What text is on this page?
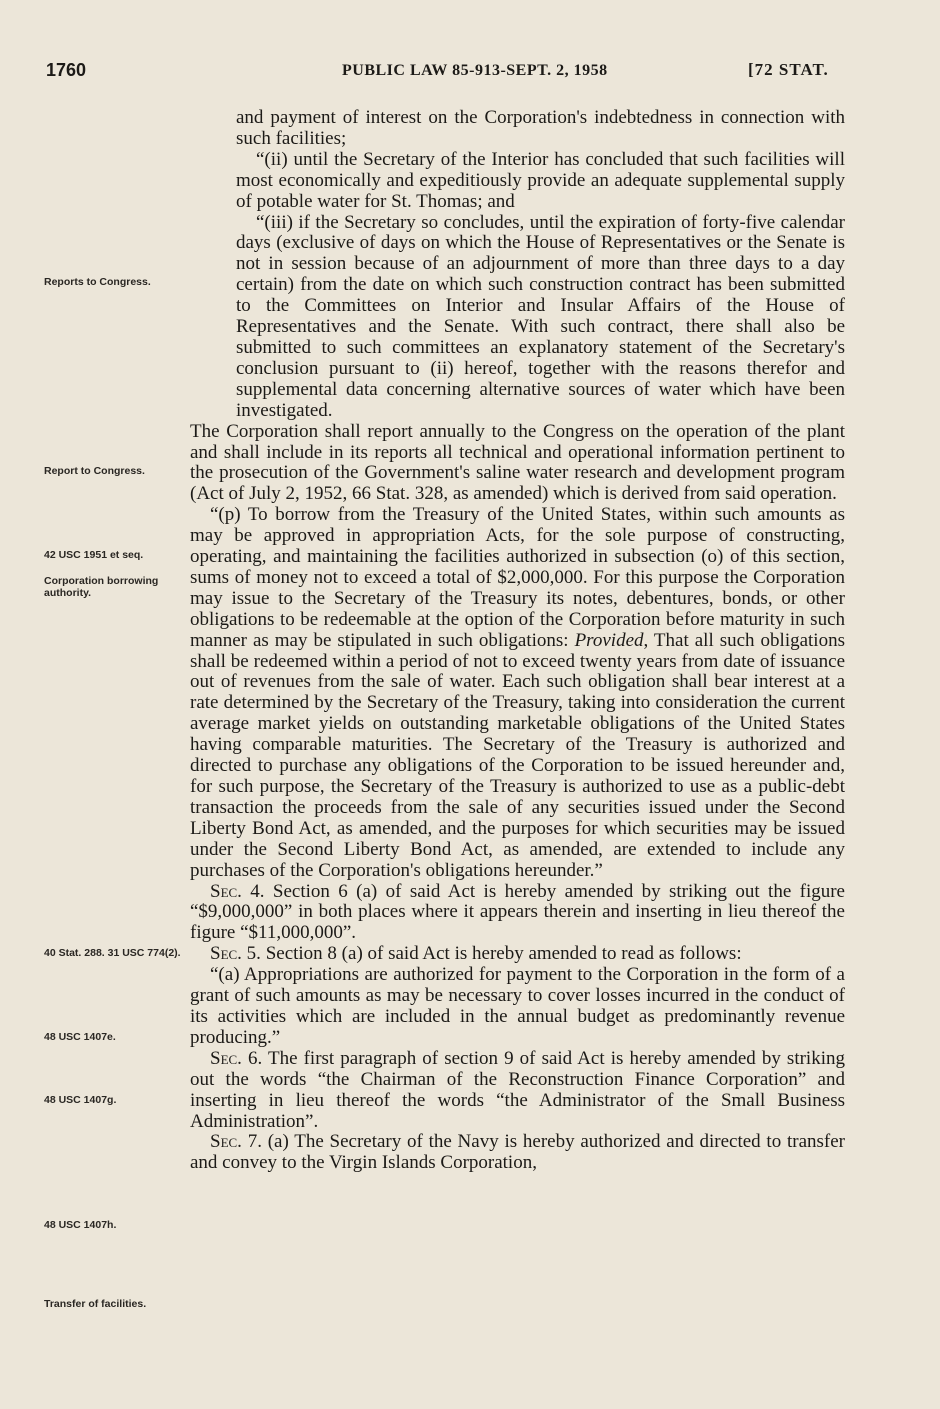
1760	PUBLIC LAW 85-913-SEPT. 2, 1958	[72 STAT.
Reports to Congress.
Report to Congress.
42 USC 1951 et seq.
Corporation borrowing authority.
40 Stat. 288. 31 USC 774(2).
48 USC 1407e.
48 USC 1407g.
48 USC 1407h.
Transfer of facilities.

and payment of interest on the Corporation's indebtedness in connection with such facilities;

“(ii) until the Secretary of the Interior has concluded that such facilities will most economically and expeditiously provide an adequate supplemental supply of potable water for St. Thomas; and

“(iii) if the Secretary so concludes, until the expiration of forty-five calendar days (exclusive of days on which the House of Representatives or the Senate is not in session because of an adjournment of more than three days to a day certain) from the date on which such construction contract has been submitted to the Committees on Interior and Insular Affairs of the House of Representatives and the Senate. With such contract, there shall also be submitted to such committees an explanatory statement of the Secretary's conclusion pursuant to (ii) hereof, together with the reasons therefor and supplemental data concerning alternative sources of water which have been investigated.

The Corporation shall report annually to the Congress on the operation of the plant and shall include in its reports all technical and operational information pertinent to the prosecution of the Government's saline water research and development program (Act of July 2, 1952, 66 Stat. 328, as amended) which is derived from said operation.

“(p) To borrow from the Treasury of the United States, within such amounts as may be approved in appropriation Acts, for the sole purpose of constructing, operating, and maintaining the facilities authorized in subsection (o) of this section, sums of money not to exceed a total of $2,000,000. For this purpose the Corporation may issue to the Secretary of the Treasury its notes, debentures, bonds, or other obligations to be redeemable at the option of the Corporation before maturity in such manner as may be stipulated in such obligations: Provided, That all such obligations shall be redeemed within a period of not to exceed twenty years from date of issuance out of revenues from the sale of water. Each such obligation shall bear interest at a rate determined by the Secretary of the Treasury, taking into consideration the current average market yields on outstanding marketable obligations of the United States having comparable maturities. The Secretary of the Treasury is authorized and directed to purchase any obligations of the Corporation to be issued hereunder and, for such purpose, the Secretary of the Treasury is authorized to use as a public-debt transaction the proceeds from the sale of any securities issued under the Second Liberty Bond Act, as amended, and the purposes for which securities may be issued under the Second Liberty Bond Act, as amended, are extended to include any purchases of the Corporation's obligations hereunder.”

Sec. 4. Section 6 (a) of said Act is hereby amended by striking out the figure “$9,000,000” in both places where it appears therein and inserting in lieu thereof the figure “$11,000,000”.

Sec. 5. Section 8 (a) of said Act is hereby amended to read as follows:

“(a) Appropriations are authorized for payment to the Corporation in the form of a grant of such amounts as may be necessary to cover losses incurred in the conduct of its activities which are included in the annual budget as predominantly revenue producing.”

Sec. 6. The first paragraph of section 9 of said Act is hereby amended by striking out the words “the Chairman of the Reconstruction Finance Corporation” and inserting in lieu thereof the words “the Administrator of the Small Business Administration”.

Sec. 7. (a) The Secretary of the Navy is hereby authorized and directed to transfer and convey to the Virgin Islands Corporation,
